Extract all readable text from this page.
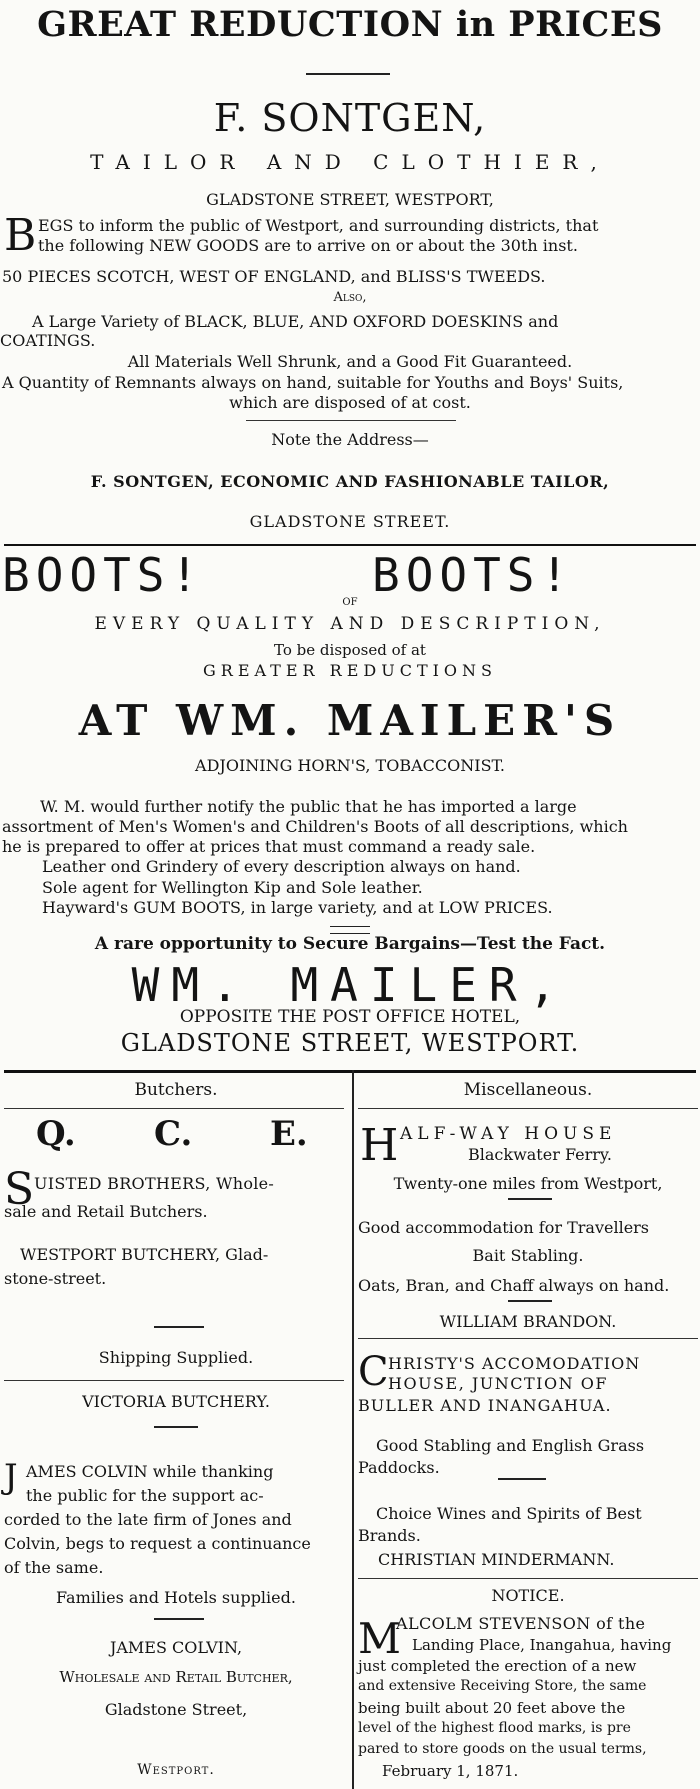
GREAT REDUCTION in PRICES
F. SONTGEN,
TAILOR AND CLOTHIER,
GLADSTONE STREET, WESTPORT,
B EGS to inform the public of Westport, and surrounding districts, that
the following NEW GOODS are to arrive on or about the 30th inst.
50 PIECES SCOTCH, WEST OF ENGLAND, and BLISS'S TWEEDS.
Also,
A Large Variety of BLACK, BLUE, AND OXFORD DOESKINS and
COATINGS.
All Materials Well Shrunk, and a Good Fit Guaranteed.
A Quantity of Remnants always on hand, suitable for Youths and Boys' Suits,
which are disposed of at cost.
Note the Address—
F. SONTGEN, ECONOMIC AND FASHIONABLE TAILOR,
GLADSTONE STREET.
BOOTS!	BOOTS!
OF
EVERY QUALITY AND DESCRIPTION,
To be disposed of at
GREATER REDUCTIONS
AT WM. MAILER'S
ADJOINING HORN'S, TOBACCONIST.
W. M. would further notify the public that he has imported a large
assortment of Men's Women's and Children's Boots of all descriptions, which
he is prepared to offer at prices that must command a ready sale.
Leather ond Grindery of every description always on hand.
Sole agent for Wellington Kip and Sole leather.
Hayward's GUM BOOTS, in large variety, and at LOW PRICES.
A rare opportunity to Secure Bargains—Test the Fact.
WM. MAILER,
OPPOSITE THE POST OFFICE HOTEL,
GLADSTONE STREET, WESTPORT.
Butchers.
Q. C. E.
S UISTED BROTHERS, Whole-
sale and Retail Butchers.
WESTPORT BUTCHERY, Glad-
stone-street.
Shipping Supplied.
VICTORIA BUTCHERY.
J AMES COLVIN while thanking
the public for the support ac-
corded to the late firm of Jones and
Colvin, begs to request a continuance
of the same.
Families and Hotels supplied.
JAMES COLVIN,
Wholesale and Retail Butcher,
Gladstone Street,
Westport.
Miscellaneous.
H ALF-WAY HOUSE
Blackwater Ferry.
Twenty-one miles from Westport,
Good accommodation for Travellers
Bait Stabling.
Oats, Bran, and Chaff always on hand.
WILLIAM BRANDON.
C HRISTY'S ACCOMODATION
HOUSE, JUNCTION OF
BULLER AND INANGAHUA.
Good Stabling and English Grass
Paddocks.
Choice Wines and Spirits of Best
Brands.
CHRISTIAN MINDERMANN.
NOTICE.
M
ALCOLM STEVENSON of the
Landing Place, Inangahua, having
just completed the erection of a new
and extensive Receiving Store, the same
being built about 20 feet above the
level of the highest flood marks, is pre
pared to store goods on the usual terms,
February 1, 1871.
